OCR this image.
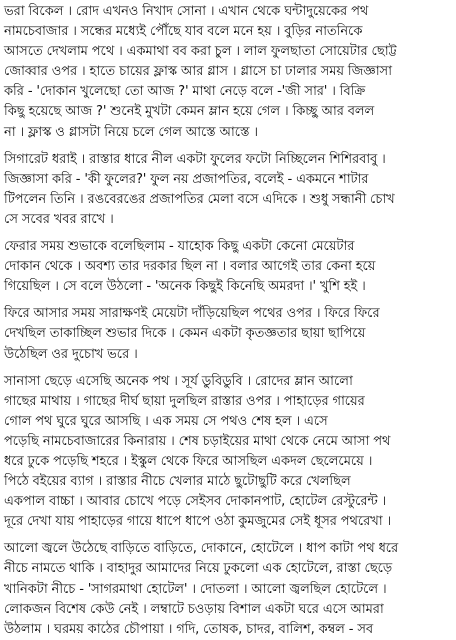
ভরা বিকেল । রোদ এখনও নিখাদ সোনা । এখান থেকে ঘন্টাদুয়েকের পথ
নামচেবাজার । সন্ধের মধ্যেই পৌঁছে যাব বলে মনে হয় । বুড়ির নাতনিকে
আসতে দেখলাম পথে । একমাথা বব করা চুল । লাল ফুলছাতা সোয়েটার ছোট্ট
জোব্বার ওপর । হাতে চায়ের ফ্লাস্ক আর গ্লাস । গ্লাসে চা ঢালার সময় জিজ্ঞাসা
করি - 'দোকান খুলেছো তো আজ ?' মাথা নেড়ে বলে -'জী সার' । বিক্রি
কিছু হয়েছে আজ ?' শুনেই মুখটা কেমন ম্লান হয়ে গেল । কিচ্ছু আর বলল
না । ফ্লাস্ক ও গ্লাসটা নিয়ে চলে গেল আস্তে আস্তে ।
সিগারেট ধরাই । রাস্তার ধারে নীল একটা ফুলের ফটো নিচ্ছিলেন শিশিরবাবু ।
জিজ্ঞাসা করি - 'কী ফুলের?' ফুল নয় প্রজাপতির, বলেই - একমনে শাটার
টিপলেন তিনি । রঙবেরঙের প্রজাপতির মেলা বসে এদিকে । শুধু সন্ধানী চোখ
সে সবের খবর রাখে ।
ফেরার সময় শুভাকে বলেছিলাম - যাহোক কিছু একটা কেনো মেয়েটার
দোকান থেকে । অবশ্য তার দরকার ছিল না । বলার আগেই তার কেনা হয়ে
গিয়েছিল । সে বলে উঠলো - 'অনেক কিছুই কিনেছি অমরদা ।' খুশি হই ।
ফিরে আসার সময় সারাক্ষণই মেয়েটা দাঁড়িয়েছিল পথের ওপর । ফিরে ফিরে
দেখছিল তাকাচ্ছিল শুভার দিকে । কেমন একটা কৃতজ্ঞতার ছায়া ছাপিয়ে
উঠেছিল ওর দুচোখ ভরে ।
সানাসা ছেড়ে এসেছি অনেক পথ । সূর্য ডুবিডুবি । রোদের ম্লান আলো
গাছের মাথায় । গাছের দীর্ঘ ছায়া দুলছিল রাস্তার ওপর । পাহাড়ের গায়ের
গোল পথ ঘুরে ঘুরে আসছি । এক সময় সে পথও শেষ হল । এসে
পড়েছি নামচেবাজারের কিনারায় । শেষ চড়াইয়ের মাথা থেকে নেমে আসা পথ
ধরে ঢুকে পড়েছি শহরে । ইস্কুল থেকে ফিরে আসছিল একদল ছেলেমেয়ে ।
পিঠে বইয়ের ব্যাগ । রাস্তার নীচে খেলার মাঠে ছুটোছুটি করে খেলছিল
একপাল বাচ্চা । আবার চোখে পড়ে সেইসব দোকানপাট, হোটেল রেস্টুরেন্ট ।
দূরে দেখা যায় পাহাড়ের গায়ে ধাপে ধাপে ওঠা কুমজুমের সেই ধূসর পথরেখা ।
আলো জ্বলে উঠেছে বাড়িতে বাড়িতে, দোকানে, হোটেলে । ধাপ কাটা পথ ধরে
নীচে নামতে থাকি । বাহাদুর আমাদের নিয়ে ঢুকলো এক হোটেলে, রাস্তা ছেড়ে
খানিকটা নীচে - 'সাগরমাথা হোটেল' । দোতলা । আলো জ্বলছিল হোটেলে ।
লোকজন বিশেষ কেউ নেই । লম্বাটে চওড়ায় বিশাল একটা ঘরে এসে আমরা
উঠলাম । ঘরময় কাঠের চৌপায়া । গদি, তোষক, চাদর, বালিশ, কম্বল - সব
